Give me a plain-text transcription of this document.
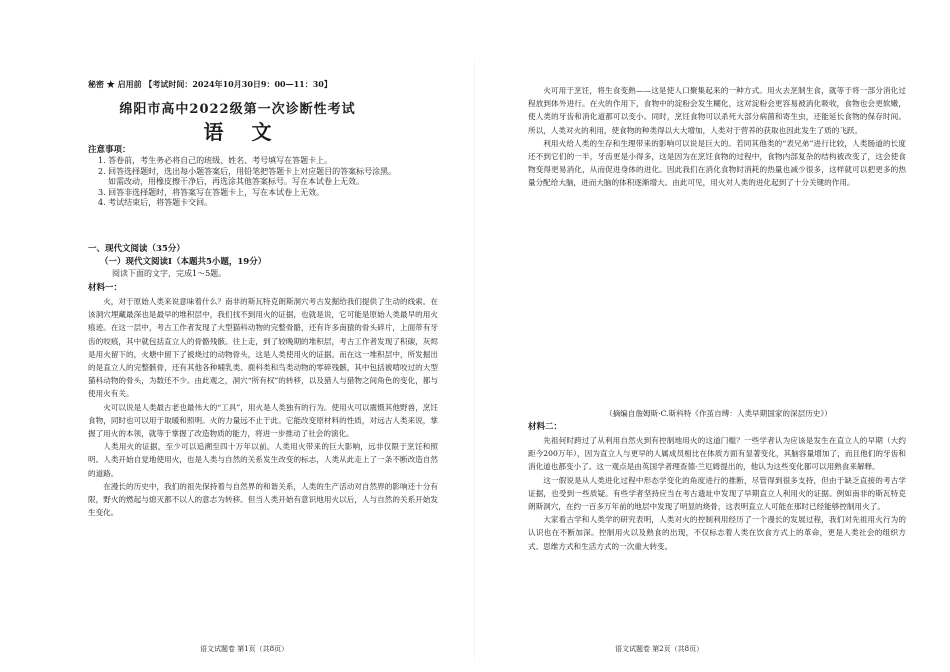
秘密 ★ 启用前 【考试时间：2024年10月30日9：00—11：30】
绵阳市高中2022级第一次诊断性考试
语文
注意事项：
1. 答卷前，考生务必将自己的班级、姓名、考号填写在答题卡上。
2. 回答选择题时，选出每小题答案后，用铅笔把答题卡上对应题目的答案标号涂黑。
如需改动，用橡皮擦干净后，再选涂其他答案标号。写在本试卷上无效。
3. 回答非选择题时，将答案写在答题卡上，写在本试卷上无效。
4. 考试结束后，将答题卡交回。
一、现代文阅读（35分）
（一）现代文阅读Ⅰ（本题共5小题，19分）
阅读下面的文字，完成1～5题。
材料一：

火，对于原始人类来说意味着什么？南非的斯瓦特克朗斯洞穴考古发掘给我们提供了生动的线索。在该洞穴埋藏最深也是最早的堆积层中，我们找不到用火的证据，也就是说，它可能是原始人类最早的用火痕迹。在这一层中，考古工作者发现了大型猫科动物的完整骨骼，还有许多南猿的骨头碎片，上面带有牙齿的咬痕，其中就包括直立人的骨骼残骸。往上走，到了较晚期的堆积层，考古工作者发现了积碳，灰烬是用火留下的，火塘中留下了被烧过的动物骨头，这是人类使用火的证据。而在这一堆积层中，所发掘出的是直立人的完整骸骨，还有其他各种哺乳类、鹿科类和鸟类动物的零碎残骸，其中包括被啃咬过的大型猫科动物的骨头，为数还不少。由此观之，洞穴“所有权”的转移，以及猎人与猎物之间角色的变化，都与使用火有关。

火可以说是人类最古老也最伟大的“工具”，用火是人类独有的行为。使用火可以震慑其他野兽，烹饪食物，同时也可以用于取暖和照明。火的力量远不止于此。它能改变原材料的性质，对远古人类来说，掌握了用火的本领，就等于掌握了改造物质的能力，将进一步推动了社会的演化。

人类用火的证据，至少可以追溯至四十万年以前。人类用火带来的巨大影响，远非仅限于烹饪和照明。人类开始自觉地使用火，也是人类与自然的关系发生改变的标志，人类从此走上了一条不断改造自然的道路。

在漫长的历史中，我们的祖先保持着与自然界的和谐关系，人类的生产活动对自然界的影响还十分有限，野火的燃起与熄灭都不以人的意志为转移。但当人类开始有意识地用火以后，人与自然的关系开始发生变化。

语文试题卷 第1页（共8页）

火可用于烹饪，将生食变熟——这是使人口聚集起来的一种方式。用火去烹制生食，就等于将一部分消化过程放到体外进行。在火的作用下，食物中的淀粉会发生糊化，这对淀粉会更容易被消化吸收，食物也会更软嫩，使人类的牙齿和消化道都可以变小。同时，烹饪食物可以杀死大部分病菌和寄生虫，还能延长食物的保存时间。所以，人类对火的利用，使食物的种类得以大大增加，人类对于营养的获取也因此发生了质的飞跃。

利用火给人类的生存和生理带来的影响可以说是巨大的。若同其他类的“表兄弟”进行比较，人类肠道的长度还不到它们的一半，牙齿更是小得多，这是因为在烹饪食物的过程中，食物内部复杂的结构被改变了，这会使食物变得更易消化，从而促进身体的进化。因此我们在消化食物时消耗的热量也减少很多，这样就可以把更多的热量分配给大脑，进而大脑的体积逐渐增大。由此可见，用火对人类的进化起到了十分关键的作用。

（摘编自詹姆斯·C.斯科特《作茧自缚：人类早期国家的深层历史》）
材料二：

先祖何时跨过了从利用自然火到有控制地用火的这道门槛？一些学者认为应该是发生在直立人的早期（大约距今200万年），因为直立人与更早的人属成员相比在体质方面有显著变化，其脑容量增加了，而且他们的牙齿和消化道也都变小了。这一观点是由英国学者理查德·兰厄姆提出的，他认为这些变化都可以用熟食来解释。

这一假说是从人类进化过程中形态学变化的角度进行的推断，尽管得到很多支持，但由于缺乏直接的考古学证据，也受到一些质疑。有些学者坚持应当在考古遗址中发现了早期直立人利用火的证据。例如南非的斯瓦特克朗斯洞穴，在约一百多万年前的地层中发现了明显的烧骨，这表明直立人可能在那时已经能够控制用火了。

大家看古学和人类学的研究表明，人类对火的控制利用经历了一个漫长的发展过程，我们对先祖用火行为的认识也在不断加深。控制用火以及熟食的出现，不仅标志着人类在饮食方式上的革命，更是人类社会的组织方式、思维方式和生活方式的一次重大转变。

语文试题卷 第2页（共8页）
